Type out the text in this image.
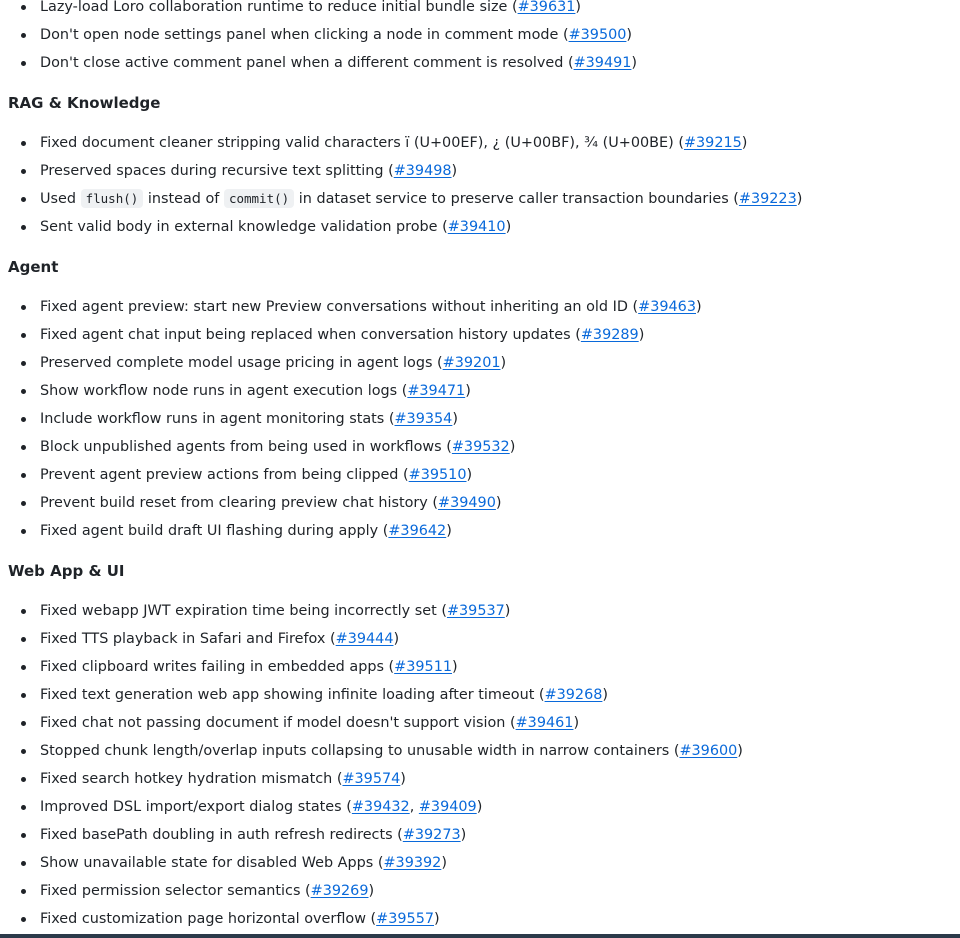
Lazy-load Loro collaboration runtime to reduce initial bundle size (#39631)
Don't open node settings panel when clicking a node in comment mode (#39500)
Don't close active comment panel when a different comment is resolved (#39491)
RAG & Knowledge
Fixed document cleaner stripping valid characters ï (U+00EF), ¿ (U+00BF), ¾ (U+00BE) (#39215)
Preserved spaces during recursive text splitting (#39498)
Used flush() instead of commit() in dataset service to preserve caller transaction boundaries (#39223)
Sent valid body in external knowledge validation probe (#39410)
Agent
Fixed agent preview: start new Preview conversations without inheriting an old ID (#39463)
Fixed agent chat input being replaced when conversation history updates (#39289)
Preserved complete model usage pricing in agent logs (#39201)
Show workflow node runs in agent execution logs (#39471)
Include workflow runs in agent monitoring stats (#39354)
Block unpublished agents from being used in workflows (#39532)
Prevent agent preview actions from being clipped (#39510)
Prevent build reset from clearing preview chat history (#39490)
Fixed agent build draft UI flashing during apply (#39642)
Web App & UI
Fixed webapp JWT expiration time being incorrectly set (#39537)
Fixed TTS playback in Safari and Firefox (#39444)
Fixed clipboard writes failing in embedded apps (#39511)
Fixed text generation web app showing infinite loading after timeout (#39268)
Fixed chat not passing document if model doesn't support vision (#39461)
Stopped chunk length/overlap inputs collapsing to unusable width in narrow containers (#39600)
Fixed search hotkey hydration mismatch (#39574)
Improved DSL import/export dialog states (#39432, #39409)
Fixed basePath doubling in auth refresh redirects (#39273)
Show unavailable state for disabled Web Apps (#39392)
Fixed permission selector semantics (#39269)
Fixed customization page horizontal overflow (#39557)
